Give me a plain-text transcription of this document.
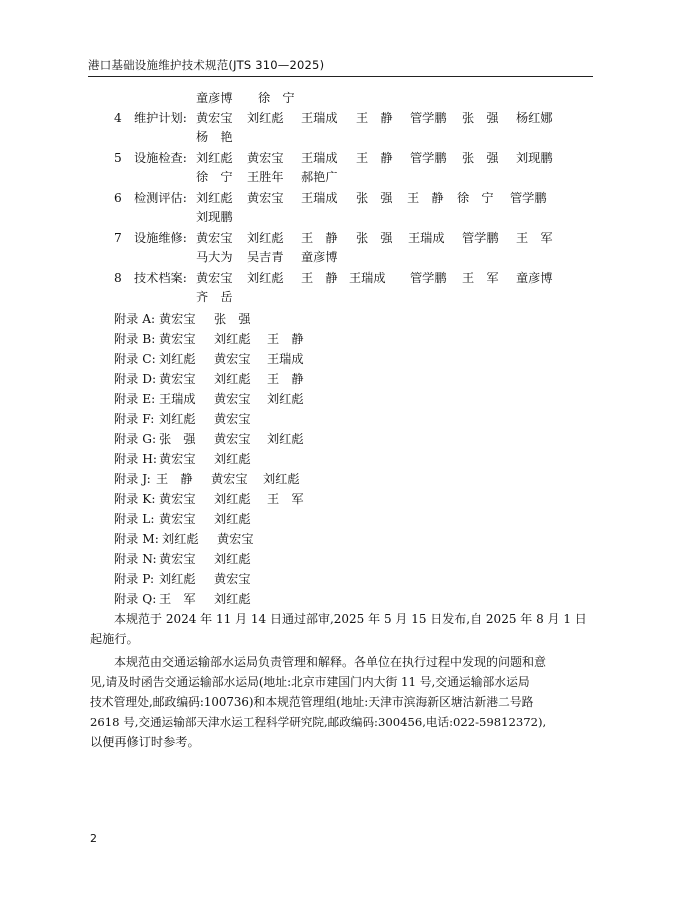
港口基础设施维护技术规范(JTS 310—2025)
童彦博 徐　宁
4　维护计划: 黄宏宝 刘红彪 王瑞成 王　静 管学鹏 张　强 杨红娜
杨　艳
5　设施检查: 刘红彪 黄宏宝 王瑞成 王　静 管学鹏 张　强 刘现鹏
徐　宁 王胜年 郝艳广
6　检测评估: 刘红彪 黄宏宝 王瑞成 张　强 王　静 徐　宁 管学鹏
刘现鹏
7　设施维修: 黄宏宝 刘红彪 王　静 张　强 王瑞成 管学鹏 王　军
马大为 吴吉青 童彦博
8　技术档案: 黄宏宝 刘红彪 王　静 王瑞成 管学鹏 王　军 童彦博
齐　岳
附录 A: 黄宏宝 张　强
附录 B: 黄宏宝 刘红彪 王　静
附录 C: 刘红彪 黄宏宝 王瑞成
附录 D: 黄宏宝 刘红彪 王　静
附录 E: 王瑞成 黄宏宝 刘红彪
附录 F: 刘红彪 黄宏宝
附录 G: 张　强 黄宏宝 刘红彪
附录 H: 黄宏宝 刘红彪
附录 J: 王　静 黄宏宝 刘红彪
附录 K: 黄宏宝 刘红彪 王　军
附录 L: 黄宏宝 刘红彪
附录 M: 刘红彪 黄宏宝
附录 N: 黄宏宝 刘红彪
附录 P: 刘红彪 黄宏宝
附录 Q: 王　军 刘红彪
本规范于 2024 年 11 月 14 日通过部审,2025 年 5 月 15 日发布,自 2025 年 8 月 1 日
起施行。
本规范由交通运输部水运局负责管理和解释。各单位在执行过程中发现的问题和意
见,请及时函告交通运输部水运局(地址:北京市建国门内大街 11 号,交通运输部水运局
技术管理处,邮政编码:100736)和本规范管理组(地址:天津市滨海新区塘沽新港二号路
2618 号,交通运输部天津水运工程科学研究院,邮政编码:300456,电话:022-59812372),
以便再修订时参考。
2
